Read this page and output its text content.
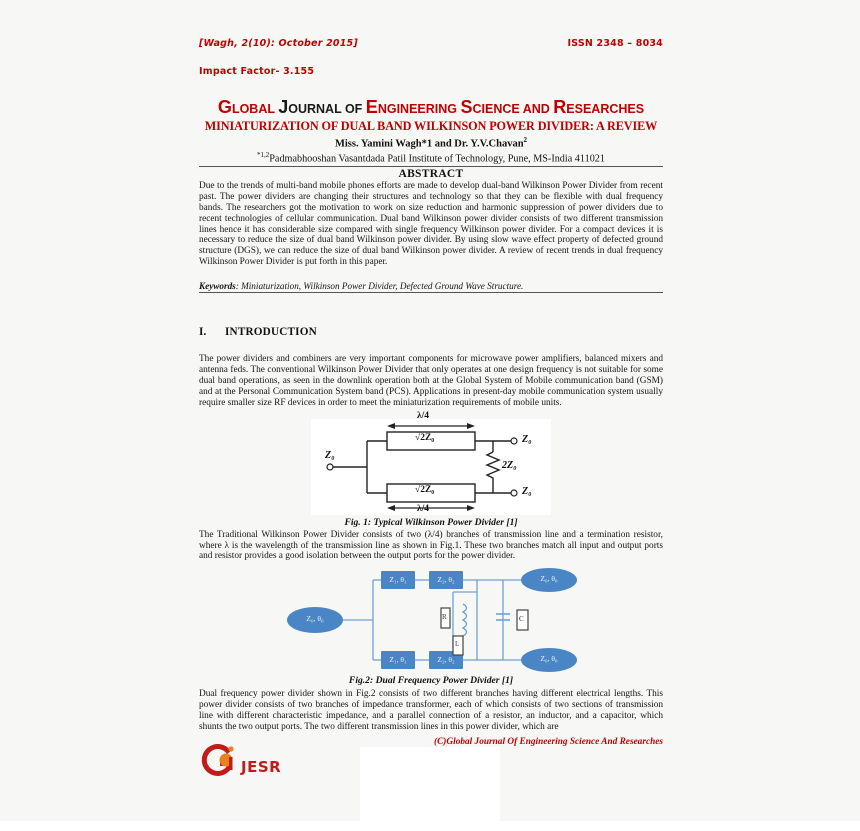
[Wagh, 2(10): October 2015]	ISSN 2348 – 8034
Impact Factor- 3.155
GLOBAL JOURNAL OF ENGINEERING SCIENCE AND RESEARCHES
MINIATURIZATION OF DUAL BAND WILKINSON POWER DIVIDER: A REVIEW
Miss. Yamini Wagh*1 and Dr. Y.V.Chavan$^2$
$^{*1,2}$Padmabhooshan Vasantdada Patil Institute of Technology, Pune, MS-India 411021
ABSTRACT

Due to the trends of multi-band mobile phones efforts are made to develop dual-band Wilkinson Power Divider from recent past. The power dividers are changing their structures and technology so that they can be flexible with dual frequency bands. The researchers got the motivation to work on size reduction and harmonic suppression of power dividers due to recent technologies of cellular communication. Dual band Wilkinson power divider consists of two different transmission lines hence it has considerable size compared with single frequency Wilkinson power divider. For a compact devices it is necessary to reduce the size of dual band Wilkinson power divider. By using slow wave effect property of defected ground structure (DGS), we can reduce the size of dual band Wilkinson power divider. A review of recent trends in dual frequency Wilkinson Power Divider is put forth in this paper.

Keywords: Miniaturization, Wilkinson Power Divider, Defected Ground Wave Structure.
I. INTRODUCTION

The power dividers and combiners are very important components for microwave power amplifiers, balanced mixers and antenna feds. The conventional Wilkinson Power Divider that only operates at one design frequency is not suitable for some dual band operations, as seen in the downlink operation both at the Global System of Mobile communication band (GSM) and at the Personal Communication System band (PCS). Applications in present-day mobile communication system usually require smaller size RF devices in order to meet the miniaturization requirements of mobile units.

λ/4
λ/4
√2Z₀
√2Z₀
Z₀
2Z₀
Z₀
Z₀
Fig. 1: Typical Wilkinson Power Divider [1]

The Traditional Wilkinson Power Divider consists of two (λ/4) branches of transmission line and a termination resistor, where λ is the wavelength of the transmission line as shown in Fig.1. These two branches match all input and output ports and resistor provides a good isolation between the output ports for the power divider.

Z₀, θ₀
Z₁, θ₁	Z₂, θ₂
Z₁, θ₁	Z₂, θ₂
Z₀, θ₀
Z₀, θ₀
R
L
C
Fig.2: Dual Frequency Power Divider [1]

Dual frequency power divider shown in Fig.2 consists of two different branches having different electrical lengths. This power divider consists of two branches of impedance transformer, each of which consists of two sections of transmission line with different characteristic impedance, and a parallel connection of a resistor, an inductor, and a capacitor, which shunts the two output ports. The two different transmission lines in this power divider, which are

(C)Global Journal Of Engineering Science And Researches
JESR
